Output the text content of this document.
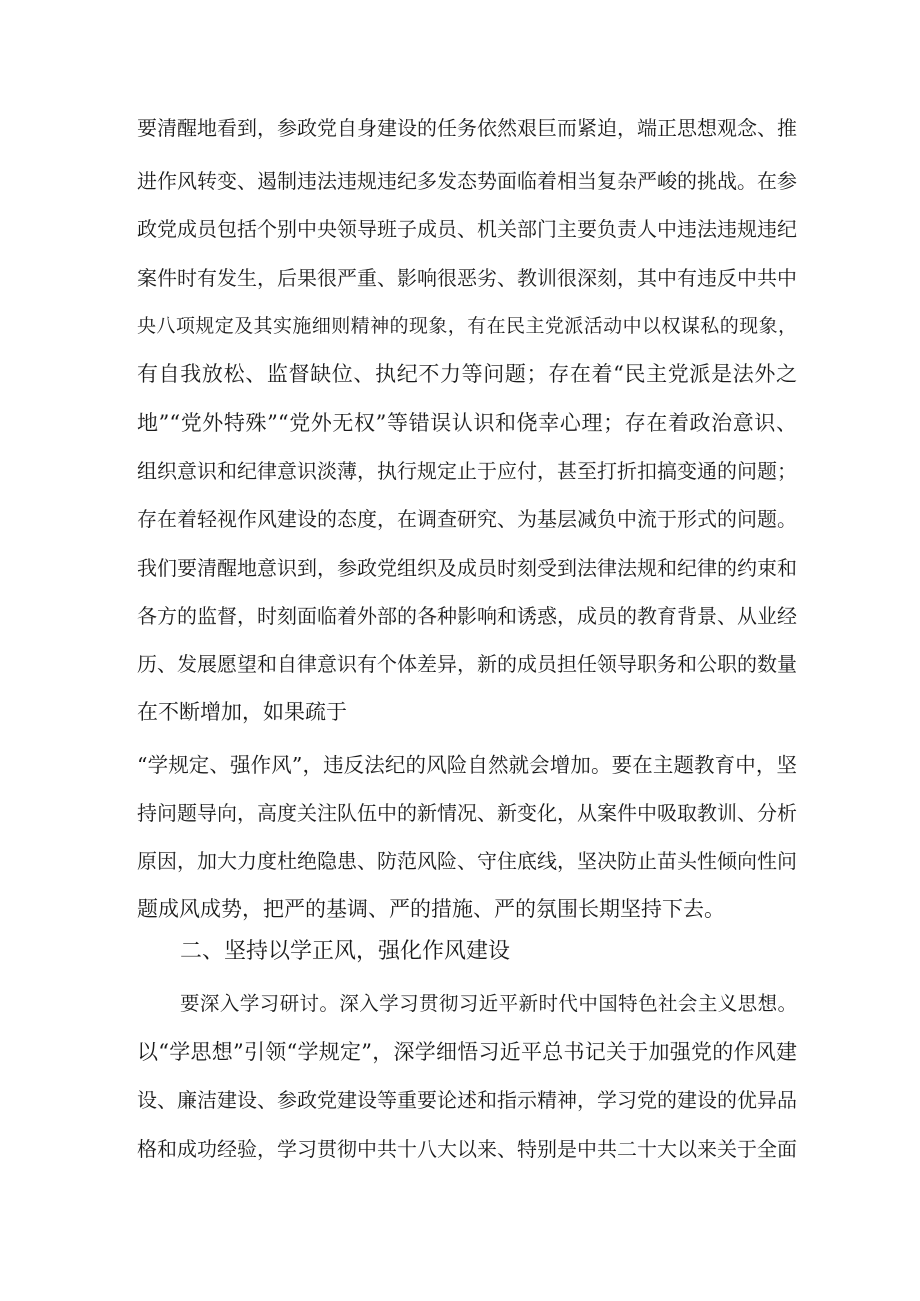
要清醒地看到，参政党自身建设的任务依然艰巨而紧迫，端正思想观念、推
进作风转变、遏制违法违规违纪多发态势面临着相当复杂严峻的挑战。在参
政党成员包括个别中央领导班子成员、机关部门主要负责人中违法违规违纪
案件时有发生，后果很严重、影响很恶劣、教训很深刻，其中有违反中共中
央八项规定及其实施细则精神的现象，有在民主党派活动中以权谋私的现象，
有自我放松、监督缺位、执纪不力等问题；存在着“民主党派是法外之
地”“党外特殊”“党外无权”等错误认识和侥幸心理；存在着政治意识、
组织意识和纪律意识淡薄，执行规定止于应付，甚至打折扣搞变通的问题；
存在着轻视作风建设的态度，在调查研究、为基层减负中流于形式的问题。
我们要清醒地意识到，参政党组织及成员时刻受到法律法规和纪律的约束和
各方的监督，时刻面临着外部的各种影响和诱惑，成员的教育背景、从业经
历、发展愿望和自律意识有个体差异，新的成员担任领导职务和公职的数量
在不断增加，如果疏于
“学规定、强作风”，违反法纪的风险自然就会增加。要在主题教育中，坚
持问题导向，高度关注队伍中的新情况、新变化，从案件中吸取教训、分析
原因，加大力度杜绝隐患、防范风险、守住底线，坚决防止苗头性倾向性问
题成风成势，把严的基调、严的措施、严的氛围长期坚持下去。
二、坚持以学正风，强化作风建设
要深入学习研讨。深入学习贯彻习近平新时代中国特色社会主义思想。
以“学思想”引领“学规定”，深学细悟习近平总书记关于加强党的作风建
设、廉洁建设、参政党建设等重要论述和指示精神，学习党的建设的优异品
格和成功经验，学习贯彻中共十八大以来、特别是中共二十大以来关于全面
